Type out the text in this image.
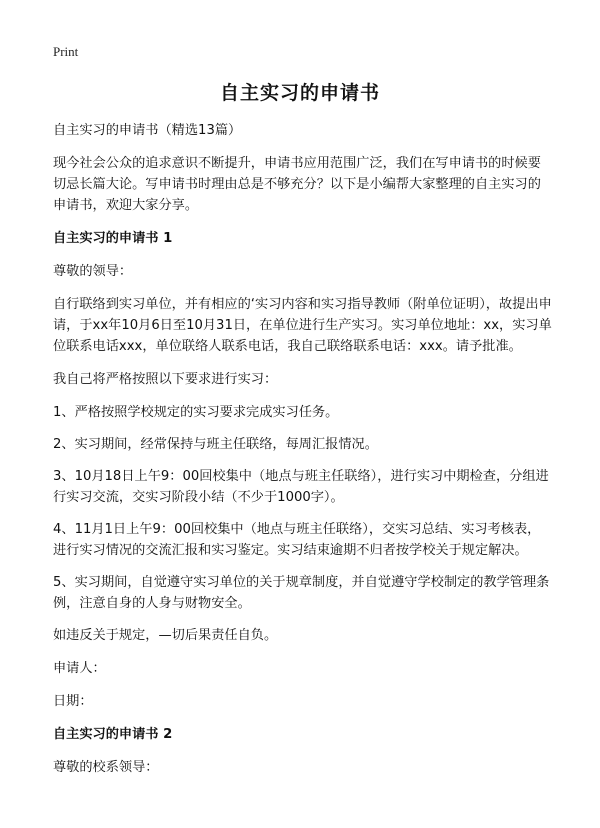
Print
自主实习的申请书

自主实习的申请书（精选13篇）

现今社会公众的追求意识不断提升，申请书应用范围广泛，我们在写申请书的时候要切忌长篇大论。写申请书时理由总是不够充分？以下是小编帮大家整理的自主实习的申请书，欢迎大家分享。

自主实习的申请书 1

尊敬的领导：

自行联络到实习单位，并有相应的‘实习内容和实习指导教师（附单位证明），故提出申请，于xx年10月6日至10月31日，在单位进行生产实习。实习单位地址：xx，实习单位联系电话xxx，单位联络人联系电话，我自己联络联系电话：xxx。请予批准。

我自己将严格按照以下要求进行实习：

1、严格按照学校规定的实习要求完成实习任务。

2、实习期间，经常保持与班主任联络，每周汇报情况。

3、10月18日上午9：00回校集中（地点与班主任联络），进行实习中期检查，分组进行实习交流，交实习阶段小结（不少于1000字）。

4、11月1日上午9：00回校集中（地点与班主任联络），交实习总结、实习考核表，进行实习情况的交流汇报和实习鉴定。实习结束逾期不归者按学校关于规定解决。

5、实习期间，自觉遵守实习单位的关于规章制度，并自觉遵守学校制定的教学管理条例，注意自身的人身与财物安全。

如违反关于规定，—切后果责任自负。

申请人：

日期：

自主实习的申请书 2

尊敬的校系领导：
